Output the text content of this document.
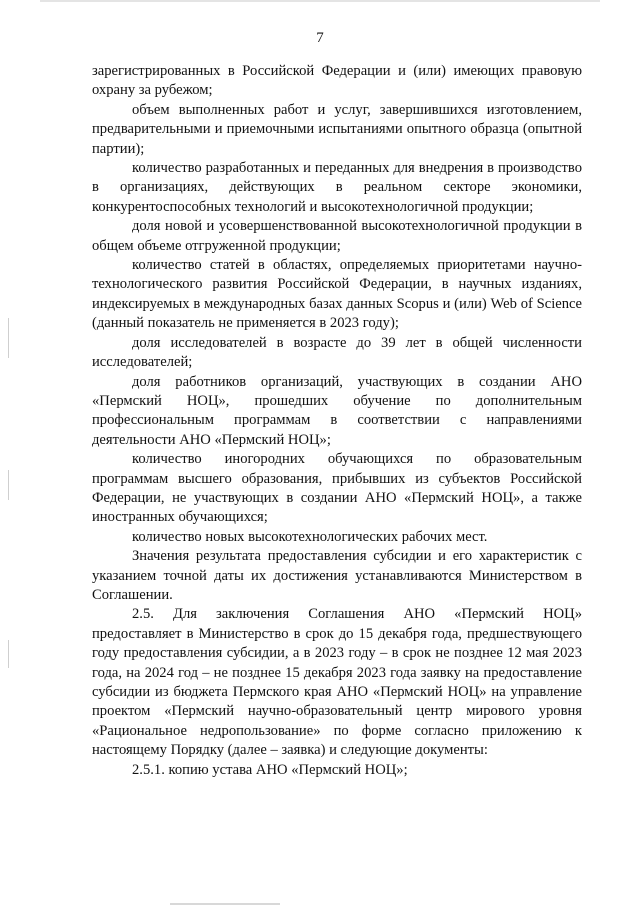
7

зарегистрированных в Российской Федерации и (или) имеющих правовую охрану за рубежом;

объем выполненных работ и услуг, завершившихся изготовлением, предварительными и приемочными испытаниями опытного образца (опытной партии);

количество разработанных и переданных для внедрения в производство в организациях, действующих в реальном секторе экономики, конкурентоспособных технологий и высокотехнологичной продукции;

доля новой и усовершенствованной высокотехнологичной продукции в общем объеме отгруженной продукции;

количество статей в областях, определяемых приоритетами научно-технологического развития Российской Федерации, в научных изданиях, индексируемых в международных базах данных Scopus и (или) Web of Science (данный показатель не применяется в 2023 году);

доля исследователей в возрасте до 39 лет в общей численности исследователей;

доля работников организаций, участвующих в создании АНО «Пермский НОЦ», прошедших обучение по дополнительным профессиональным программам в соответствии с направлениями деятельности АНО «Пермский НОЦ»;

количество иногородних обучающихся по образовательным программам высшего образования, прибывших из субъектов Российской Федерации, не участвующих в создании АНО «Пермский НОЦ», а также иностранных обучающихся;

количество новых высокотехнологических рабочих мест.

Значения результата предоставления субсидии и его характеристик с указанием точной даты их достижения устанавливаются Министерством в Соглашении.

2.5. Для заключения Соглашения АНО «Пермский НОЦ» предоставляет в Министерство в срок до 15 декабря года, предшествующего году предоставления субсидии, а в 2023 году – в срок не позднее 12 мая 2023 года, на 2024 год – не позднее 15 декабря 2023 года заявку на предоставление субсидии из бюджета Пермского края АНО «Пермский НОЦ» на управление проектом «Пермский научно-образовательный центр мирового уровня «Рациональное недропользование» по форме согласно приложению к настоящему Порядку (далее – заявка) и следующие документы:

2.5.1. копию устава АНО «Пермский НОЦ»;
